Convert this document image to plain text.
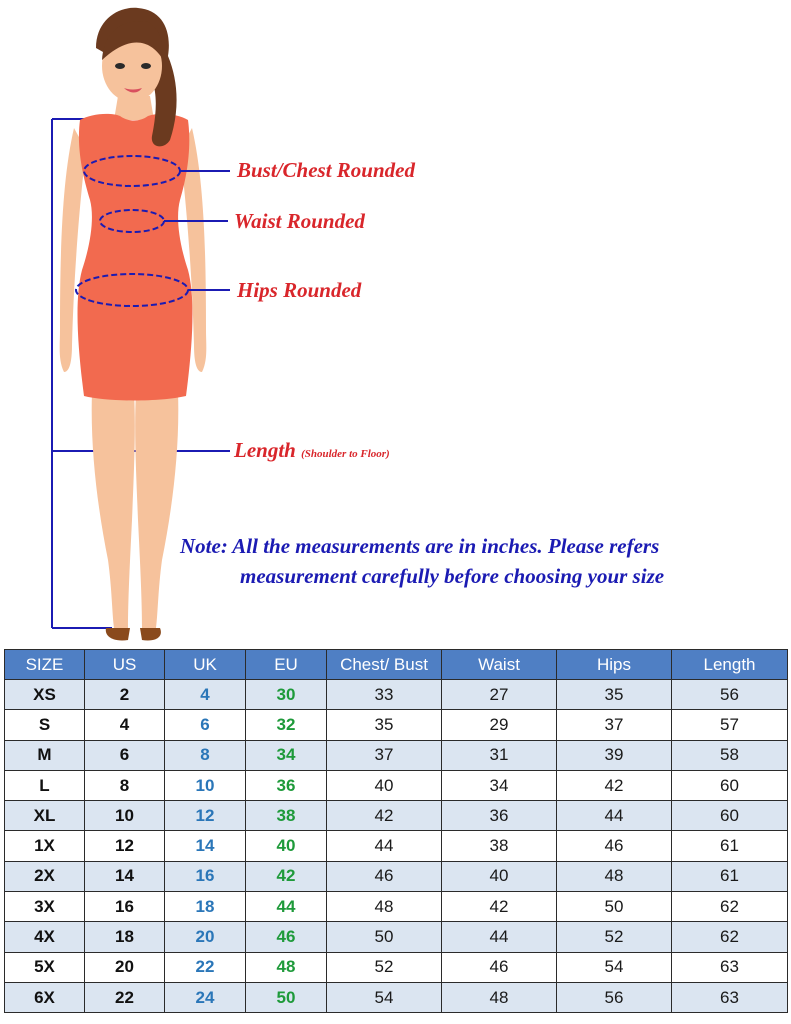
Bust/Chest Rounded
Waist Rounded
Hips Rounded
Length (Shoulder to Floor)
Note: All the measurements are in inches. Please refers
measurement carefully before choosing your size
SIZE	US	UK	EU	Chest/ Bust	Waist	Hips	Length
XS	2	4	30	33	27	35	56
S	4	6	32	35	29	37	57
M	6	8	34	37	31	39	58
L	8	10	36	40	34	42	60
XL	10	12	38	42	36	44	60
1X	12	14	40	44	38	46	61
2X	14	16	42	46	40	48	61
3X	16	18	44	48	42	50	62
4X	18	20	46	50	44	52	62
5X	20	22	48	52	46	54	63
6X	22	24	50	54	48	56	63
